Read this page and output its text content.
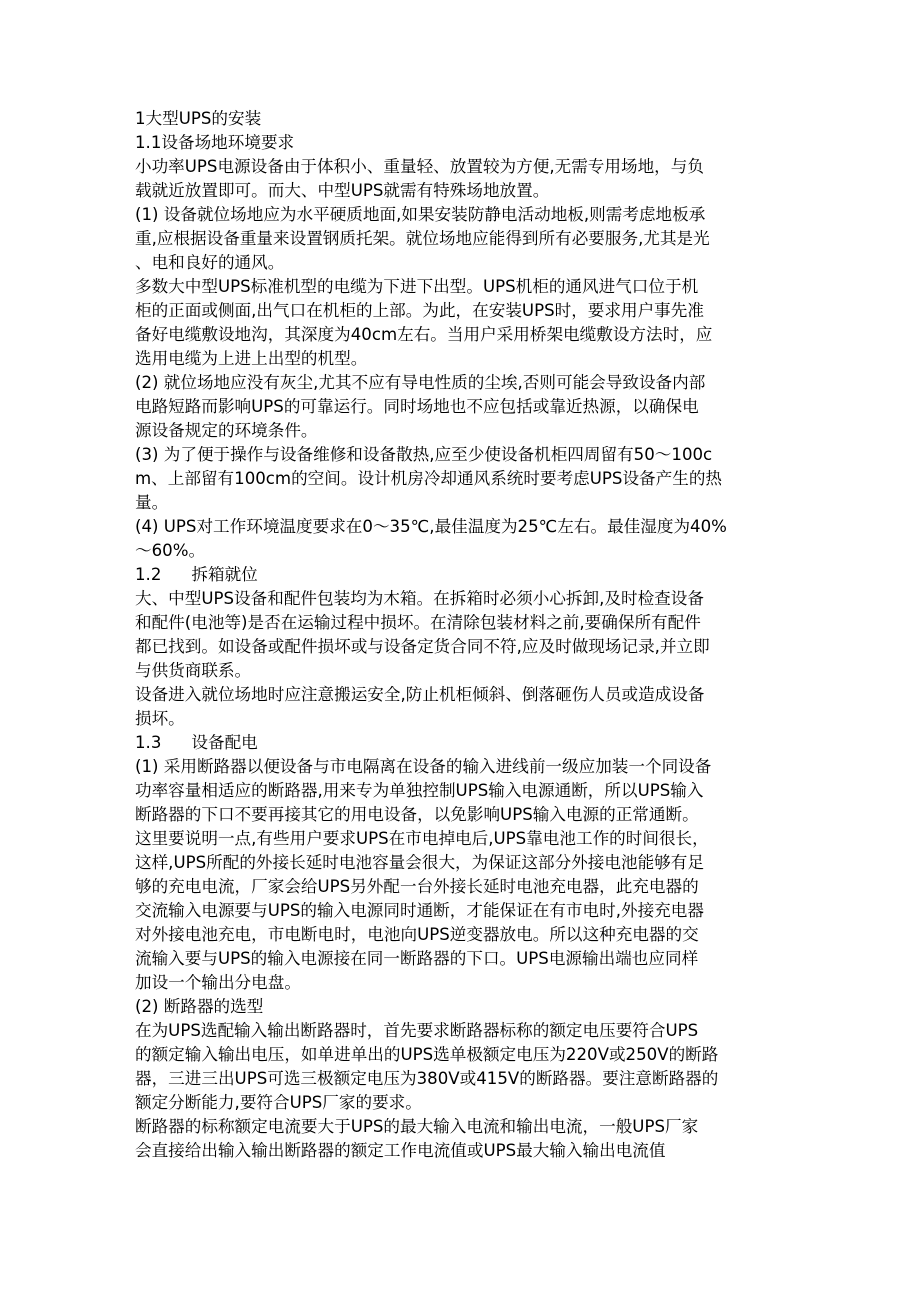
1大型UPS的安装
1.1设备场地环境要求
小功率UPS电源设备由于体积小、重量轻、放置较为方便,无需专用场地，与负
载就近放置即可。而大、中型UPS就需有特殊场地放置。
(1) 设备就位场地应为水平硬质地面,如果安装防静电活动地板,则需考虑地板承
重,应根据设备重量来设置钢质托架。就位场地应能得到所有必要服务,尤其是光
、电和良好的通风。
多数大中型UPS标准机型的电缆为下进下出型。UPS机柜的通风进气口位于机
柜的正面或侧面,出气口在机柜的上部。为此，在安装UPS时，要求用户事先准
备好电缆敷设地沟，其深度为40cm左右。当用户采用桥架电缆敷设方法时，应
选用电缆为上进上出型的机型。
(2) 就位场地应没有灰尘,尤其不应有导电性质的尘埃,否则可能会导致设备内部
电路短路而影响UPS的可靠运行。同时场地也不应包括或靠近热源，以确保电
源设备规定的环境条件。
(3) 为了便于操作与设备维修和设备散热,应至少使设备机柜四周留有50～100c
m、上部留有100cm的空间。设计机房冷却通风系统时要考虑UPS设备产生的热
量。
(4) UPS对工作环境温度要求在0～35℃,最佳温度为25℃左右。最佳湿度为40%
～60%。
1.2 拆箱就位
大、中型UPS设备和配件包装均为木箱。在拆箱时必须小心拆卸,及时检查设备
和配件(电池等)是否在运输过程中损坏。在清除包装材料之前,要确保所有配件
都已找到。如设备或配件损坏或与设备定货合同不符,应及时做现场记录,并立即
与供货商联系。
设备进入就位场地时应注意搬运安全,防止机柜倾斜、倒落砸伤人员或造成设备
损坏。
1.3 设备配电
(1) 采用断路器以便设备与市电隔离在设备的输入进线前一级应加装一个同设备
功率容量相适应的断路器,用来专为单独控制UPS输入电源通断，所以UPS输入
断路器的下口不要再接其它的用电设备，以免影响UPS输入电源的正常通断。
这里要说明一点,有些用户要求UPS在市电掉电后,UPS靠电池工作的时间很长，
这样,UPS所配的外接长延时电池容量会很大，为保证这部分外接电池能够有足
够的充电电流，厂家会给UPS另外配一台外接长延时电池充电器，此充电器的
交流输入电源要与UPS的输入电源同时通断，才能保证在有市电时,外接充电器
对外接电池充电，市电断电时，电池向UPS逆变器放电。所以这种充电器的交
流输入要与UPS的输入电源接在同一断路器的下口。UPS电源输出端也应同样
加设一个输出分电盘。
(2) 断路器的选型
在为UPS选配输入输出断路器时，首先要求断路器标称的额定电压要符合UPS
的额定输入输出电压，如单进单出的UPS选单极额定电压为220V或250V的断路
器，三进三出UPS可选三极额定电压为380V或415V的断路器。要注意断路器的
额定分断能力,要符合UPS厂家的要求。
断路器的标称额定电流要大于UPS的最大输入电流和输出电流，一般UPS厂家
会直接给出输入输出断路器的额定工作电流值或UPS最大输入输出电流值
